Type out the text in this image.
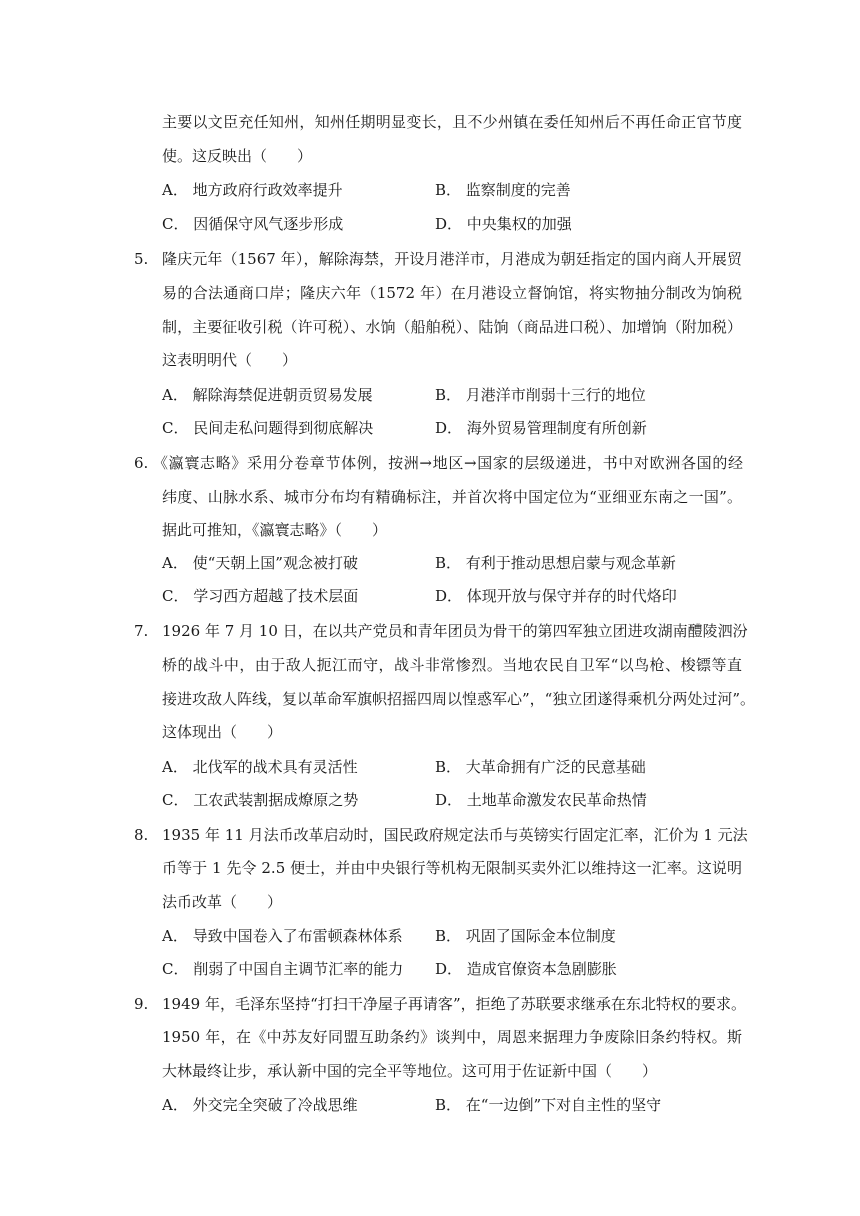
主要以文臣充任知州，知州任期明显变长，且不少州镇在委任知州后不再任命正官节度
使。这反映出（　　）
A． 地方政府行政效率提升	B． 监察制度的完善
C． 因循保守风气逐步形成	D． 中央集权的加强
5. 隆庆元年（1567 年），解除海禁，开设月港洋市，月港成为朝廷指定的国内商人开展贸
易的合法通商口岸；隆庆六年（1572 年）在月港设立督饷馆，将实物抽分制改为饷税
制，主要征收引税（许可税）、水饷（船舶税）、陆饷（商品进口税）、加增饷（附加税）
这表明明代（　　）
A． 解除海禁促进朝贡贸易发展	B． 月港洋市削弱十三行的地位
C． 民间走私问题得到彻底解决	D． 海外贸易管理制度有所创新
6. 《瀛寰志略》采用分卷章节体例，按洲→地区→国家的层级递进，书中对欧洲各国的经
纬度、山脉水系、城市分布均有精确标注，并首次将中国定位为“亚细亚东南之一国”。
据此可推知，《瀛寰志略》（　　）
A． 使“天朝上国”观念被打破	B． 有利于推动思想启蒙与观念革新
C． 学习西方超越了技术层面	D． 体现开放与保守并存的时代烙印
7. 1926 年 7 月 10 日，在以共产党员和青年团员为骨干的第四军独立团进攻湖南醴陵泗汾
桥的战斗中，由于敌人扼江而守，战斗非常惨烈。当地农民自卫军“以鸟枪、梭镖等直
接进攻敌人阵线，复以革命军旗帜招摇四周以惶惑军心”，“独立团遂得乘机分两处过河”。
这体现出（　　）
A． 北伐军的战术具有灵活性	B． 大革命拥有广泛的民意基础
C． 工农武装割据成燎原之势	D． 土地革命激发农民革命热情
8. 1935 年 11 月法币改革启动时，国民政府规定法币与英镑实行固定汇率，汇价为 1 元法
币等于 1 先令 2.5 便士，并由中央银行等机构无限制买卖外汇以维持这一汇率。这说明
法币改革（　　）
A． 导致中国卷入了布雷顿森林体系 B． 巩固了国际金本位制度
C． 削弱了中国自主调节汇率的能力 D． 造成官僚资本急剧膨胀
9. 1949 年，毛泽东坚持“打扫干净屋子再请客”，拒绝了苏联要求继承在东北特权的要求。
1950 年，在《中苏友好同盟互助条约》谈判中，周恩来据理力争废除旧条约特权。斯
大林最终让步，承认新中国的完全平等地位。这可用于佐证新中国（　　）
A． 外交完全突破了冷战思维	B． 在“一边倒”下对自主性的坚守
